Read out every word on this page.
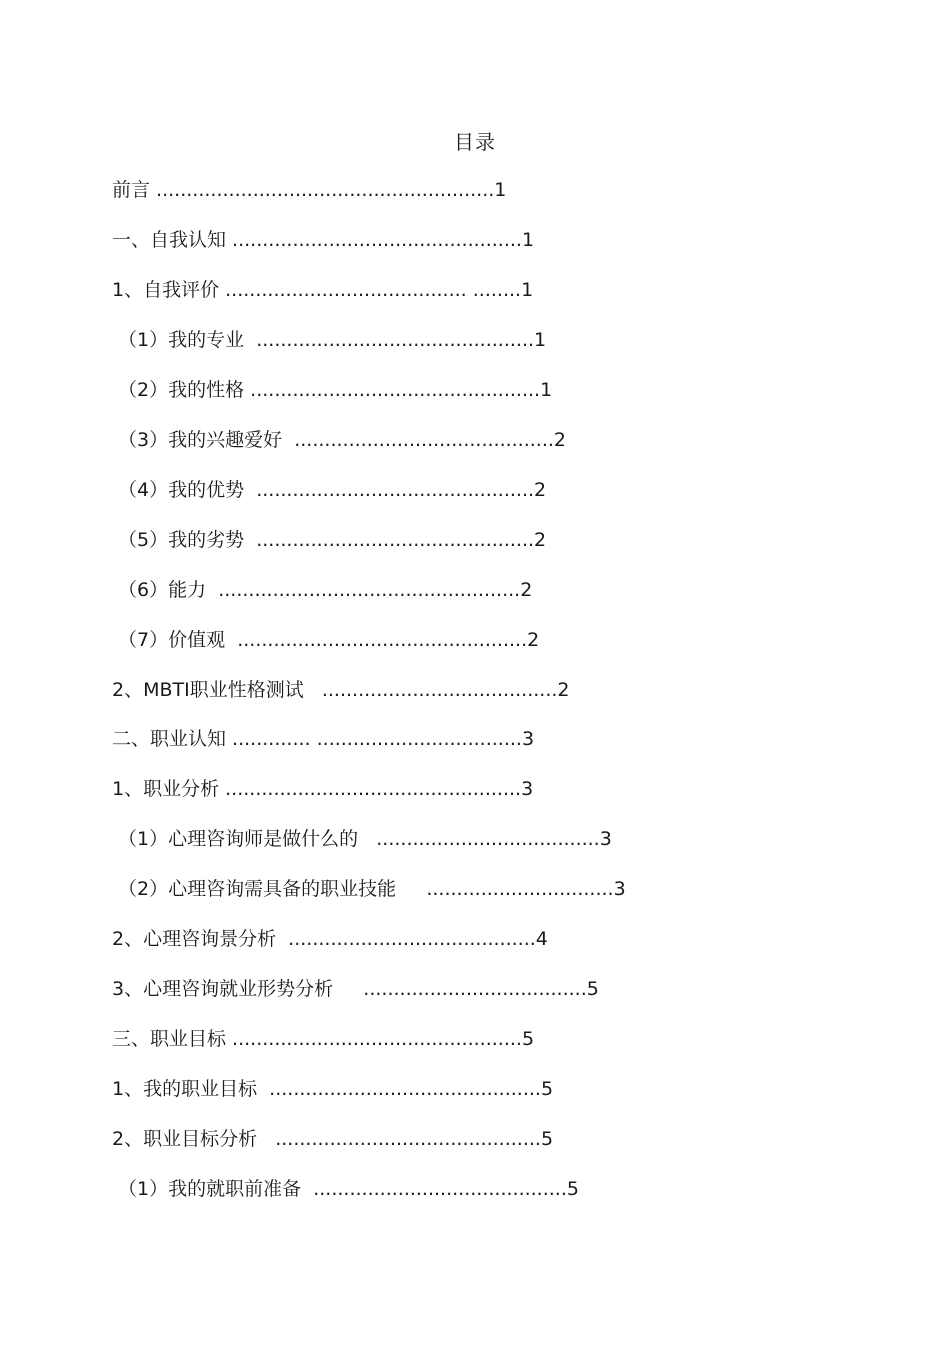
目录
前言 ........................................................1
一、自我认知 ................................................1
1、自我评价 ........................................ ........1
（1）我的专业  ..............................................1
（2）我的性格 ................................................1
（3）我的兴趣爱好  ...........................................2
（4）我的优势  ..............................................2
（5）我的劣势  ..............................................2
（6）能力  ..................................................2
（7）价值观  ................................................2
2、MBTI职业性格测试   .......................................2
二、职业认知 ............. ..................................3
1、职业分析 .................................................3
（1）心理咨询师是做什么的   .....................................3
（2）心理咨询需具备的职业技能     ...............................3
2、心理咨询景分析  .........................................4
3、心理咨询就业形势分析     .....................................5
三、职业目标 ................................................5
1、我的职业目标  .............................................5
2、职业目标分析   ............................................5
（1）我的就职前准备  ..........................................5
